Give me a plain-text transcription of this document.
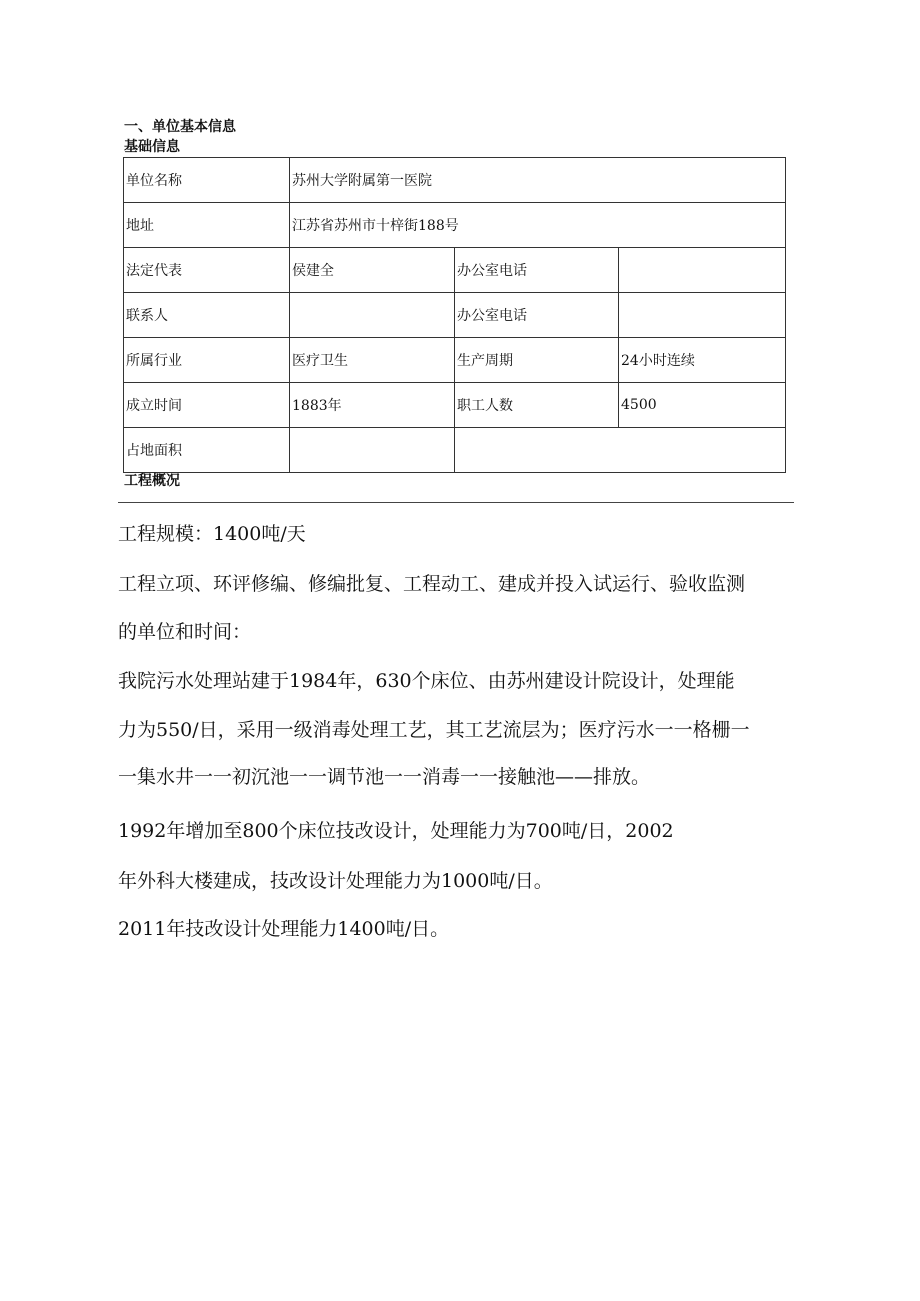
一、单位基本信息
基础信息
单位名称	苏州大学附属第一医院		
地址	江苏省苏州市十梓街188号		
法定代表	侯建全	办公室电话	
联系人		办公室电话	
所属行业	医疗卫生	生产周期	24小时连续
成立时间	1883年	职工人数	4500
占地面积			
工程概况
工程规模：1400吨/天
工程立项、环评修编、修编批复、工程动工、建成并投入试运行、验收监测
的单位和时间：
我院污水处理站建于1984年，630个床位、由苏州建设计院设计，处理能
力为550/日，采用一级消毒处理工艺，其工艺流层为；医疗污水一一格栅一
一集水井一一初沉池一一调节池一一消毒一一接触池——排放。
1992年增加至800个床位技改设计，处理能力为700吨/日，2002
年外科大楼建成，技改设计处理能力为1000吨/日。
2011年技改设计处理能力1400吨/日。
